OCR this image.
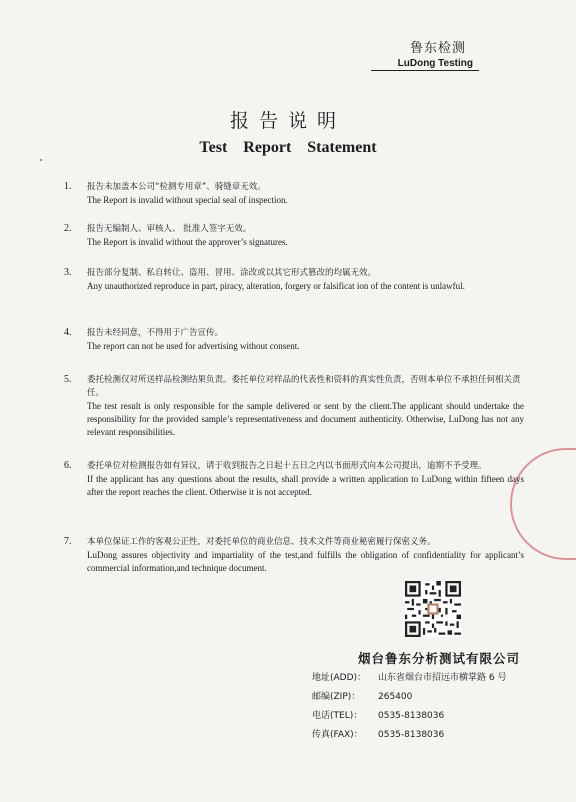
鲁东检测
LuDong Testing
报告说明
Test Report Statement
1. 报告未加盖本公司“检测专用章”、骑缝章无效。
The Report is invalid without special seal of inspection.
2. 报告无编制人、审核人、 批准人签字无效。
The Report is invalid without the approver’s signatures.
3. 报告部分复制、私自转让、盗用、冒用、涂改或以其它形式篡改的均属无效。
Any unauthorized reproduce in part, piracy, alteration, forgery or falsificat ion of the content is unlawful.
4. 报告未经同意，不得用于广告宣传。
The report can not be used for advertising without consent.
5. 委托检测仅对所送样品检测结果负责。委托单位对样品的代表性和资料的真实性负责，否则本单位不承担任何相关责任。
The test result is only responsible for the sample delivered or sent by the client.The applicant should undertake the responsibility for the provided sample’s representativeness and document authenticity. Otherwise, LuDong has not any relevant responsibilities.
6. 委托单位对检测报告如有异议，请于收到报告之日起十五日之内以书面形式向本公司提出，逾期不予受理。
If the applicant has any questions about the results, shall provide a written application to LuDong within fifteen days after the report reaches the client. Otherwise it is not accepted.
7. 本单位保证工作的客观公正性，对委托单位的商业信息、技术文件等商业秘密履行保密义务。
LuDong assures objectivity and impartiality of the test,and fulfills the obligation of confidentiality for applicant’s commercial information,and technique document.
烟台鲁东分析测试有限公司
地址(ADD)： 山东省烟台市招远市横掌路 6 号
邮编(ZIP)： 265400
电话(TEL)： 0535-8138036
传真(FAX)： 0535-8138036
